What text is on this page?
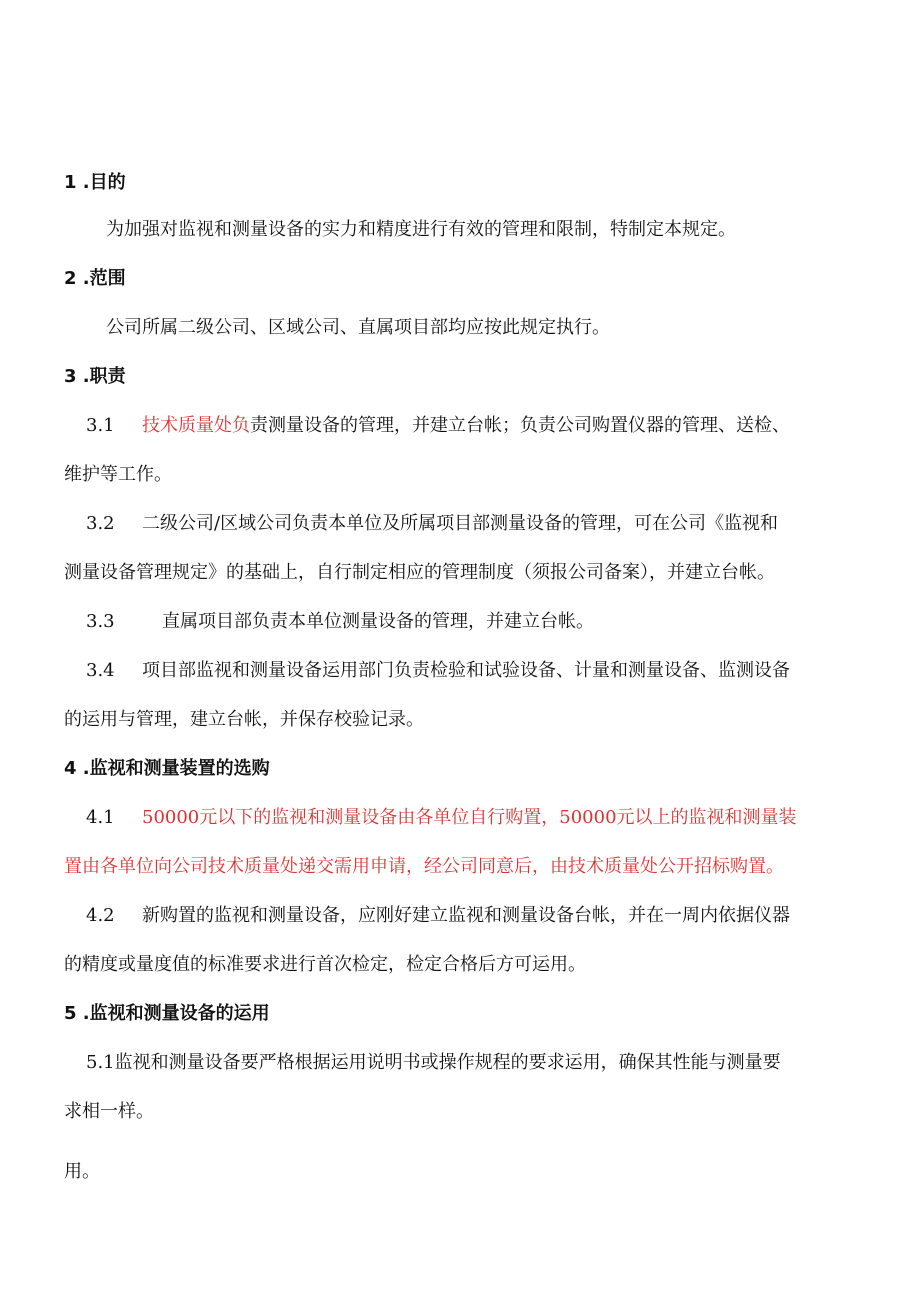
1 .目的
为加强对监视和测量设备的实力和精度进行有效的管理和限制，特制定本规定。
2 .范围
公司所属二级公司、区域公司、直属项目部均应按此规定执行。
3 .职责
3.1 技术质量处负责测量设备的管理，并建立台帐；负责公司购置仪器的管理、送检、
维护等工作。
3.2 二级公司/区域公司负责本单位及所属项目部测量设备的管理，可在公司《监视和
测量设备管理规定》的基础上，自行制定相应的管理制度（须报公司备案），并建立台帐。
3.3	直属项目部负责本单位测量设备的管理，并建立台帐。
3.4 项目部监视和测量设备运用部门负责检验和试验设备、计量和测量设备、监测设备
的运用与管理，建立台帐，并保存校验记录。
4 .监视和测量装置的选购
4.1 50000元以下的监视和测量设备由各单位自行购置，50000元以上的监视和测量装
置由各单位向公司技术质量处递交需用申请，经公司同意后，由技术质量处公开招标购置。
4.2 新购置的监视和测量设备，应刚好建立监视和测量设备台帐，并在一周内依据仪器
的精度或量度值的标准要求进行首次检定，检定合格后方可运用。
5 .监视和测量设备的运用
5.1监视和测量设备要严格根据运用说明书或操作规程的要求运用，确保其性能与测量要
求相一样。
用。
